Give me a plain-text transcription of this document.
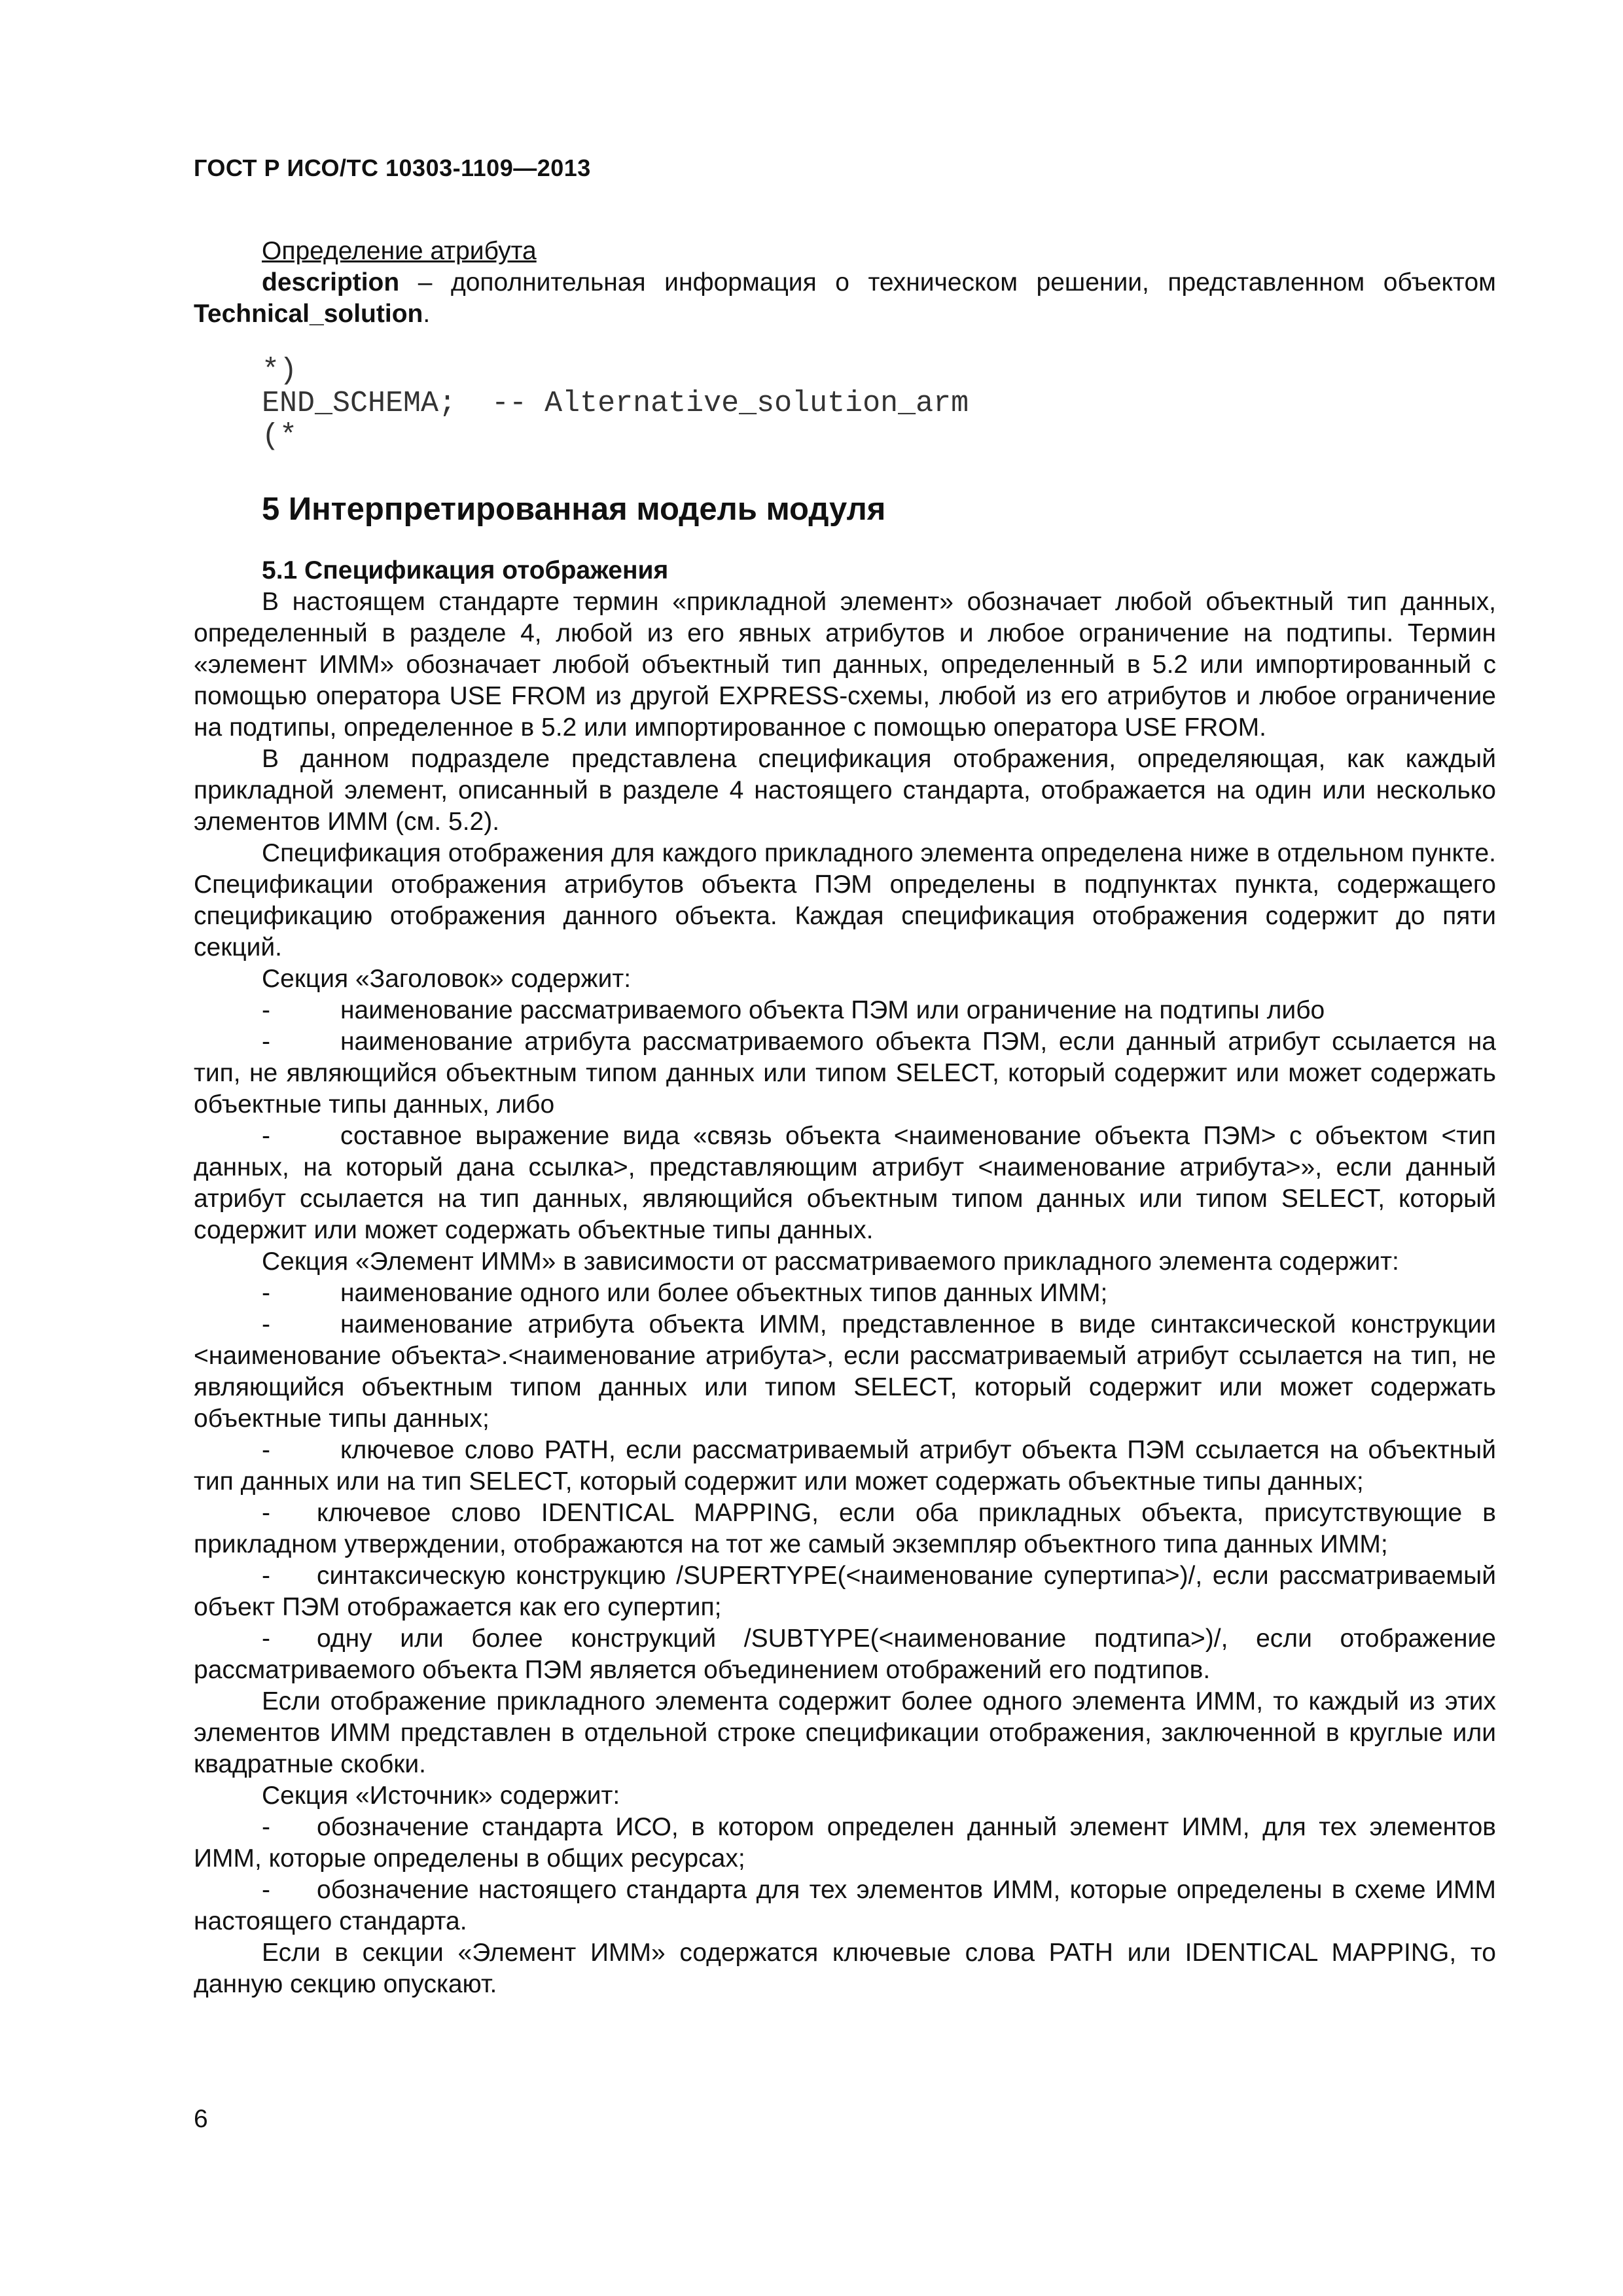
ГОСТ Р ИСО/ТС 10303-1109—2013

Определение атрибута

description – дополнительная информация о техническом решении, представленном объектом Technical_solution.

*)
END_SCHEMA;  -- Alternative_solution_arm
(*
5 Интерпретированная модель модуля
5.1 Спецификация отображения

В настоящем стандарте термин «прикладной элемент» обозначает любой объектный тип данных, определенный в разделе 4, любой из его явных атрибутов и любое ограничение на подтипы. Термин «элемент ИММ» обозначает любой объектный тип данных, определенный в 5.2 или импортированный с помощью оператора USE FROM из другой EXPRESS-схемы, любой из его атрибутов и любое ограничение на подтипы, определенное в 5.2 или импортированное с помощью оператора USE FROM.

В данном подразделе представлена спецификация отображения, определяющая, как каждый прикладной элемент, описанный в разделе 4 настоящего стандарта, отображается на один или несколько элементов ИММ (см. 5.2).

Спецификация отображения для каждого прикладного элемента определена ниже в отдельном пункте. Спецификации отображения атрибутов объекта ПЭМ определены в подпунктах пункта, содержащего спецификацию отображения данного объекта. Каждая спецификация отображения содержит до пяти секций.

Секция «Заголовок» содержит:

-	наименование рассматриваемого объекта ПЭМ или ограничение на подтипы либо

-	наименование атрибута рассматриваемого объекта ПЭМ, если данный атрибут ссылается на тип, не являющийся объектным типом данных или типом SELECT, который содержит или может содержать объектные типы данных, либо

-	составное выражение вида «связь объекта <наименование объекта ПЭМ> с объектом <тип данных, на который дана ссылка>, представляющим атрибут <наименование атрибута>», если данный атрибут ссылается на тип данных, являющийся объектным типом данных или типом SELECT, который содержит или может содержать объектные типы данных.

Секция «Элемент ИММ» в зависимости от рассматриваемого прикладного элемента содержит:

-	наименование одного или более объектных типов данных ИММ;

-	наименование атрибута объекта ИММ, представленное в виде синтаксической конструкции <наименование объекта>.<наименование атрибута>, если рассматриваемый атрибут ссылается на тип, не являющийся объектным типом данных или типом SELECT, который содержит или может содержать объектные типы данных;

-	ключевое слово PATH, если рассматриваемый атрибут объекта ПЭМ ссылается на объектный тип данных или на тип SELECT, который содержит или может содержать объектные типы данных;

- ключевое слово IDENTICAL MAPPING, если оба прикладных объекта, присутствующие в прикладном утверждении, отображаются на тот же самый экземпляр объектного типа данных ИММ;

- синтаксическую конструкцию /SUPERTYPE(<наименование супертипа>)/, если рассматриваемый объект ПЭМ отображается как его супертип;

- одну или более конструкций /SUBTYPE(<наименование подтипа>)/, если отображение рассматриваемого объекта ПЭМ является объединением отображений его подтипов.

Если отображение прикладного элемента содержит более одного элемента ИММ, то каждый из этих элементов ИММ представлен в отдельной строке спецификации отображения, заключенной в круглые или квадратные скобки.

Секция «Источник» содержит:

- обозначение стандарта ИСО, в котором определен данный элемент ИММ, для тех элементов ИММ, которые определены в общих ресурсах;

- обозначение настоящего стандарта для тех элементов ИММ, которые определены в схеме ИММ настоящего стандарта.

Если в секции «Элемент ИММ» содержатся ключевые слова PATH или IDENTICAL MAPPING, то данную секцию опускают.

6
